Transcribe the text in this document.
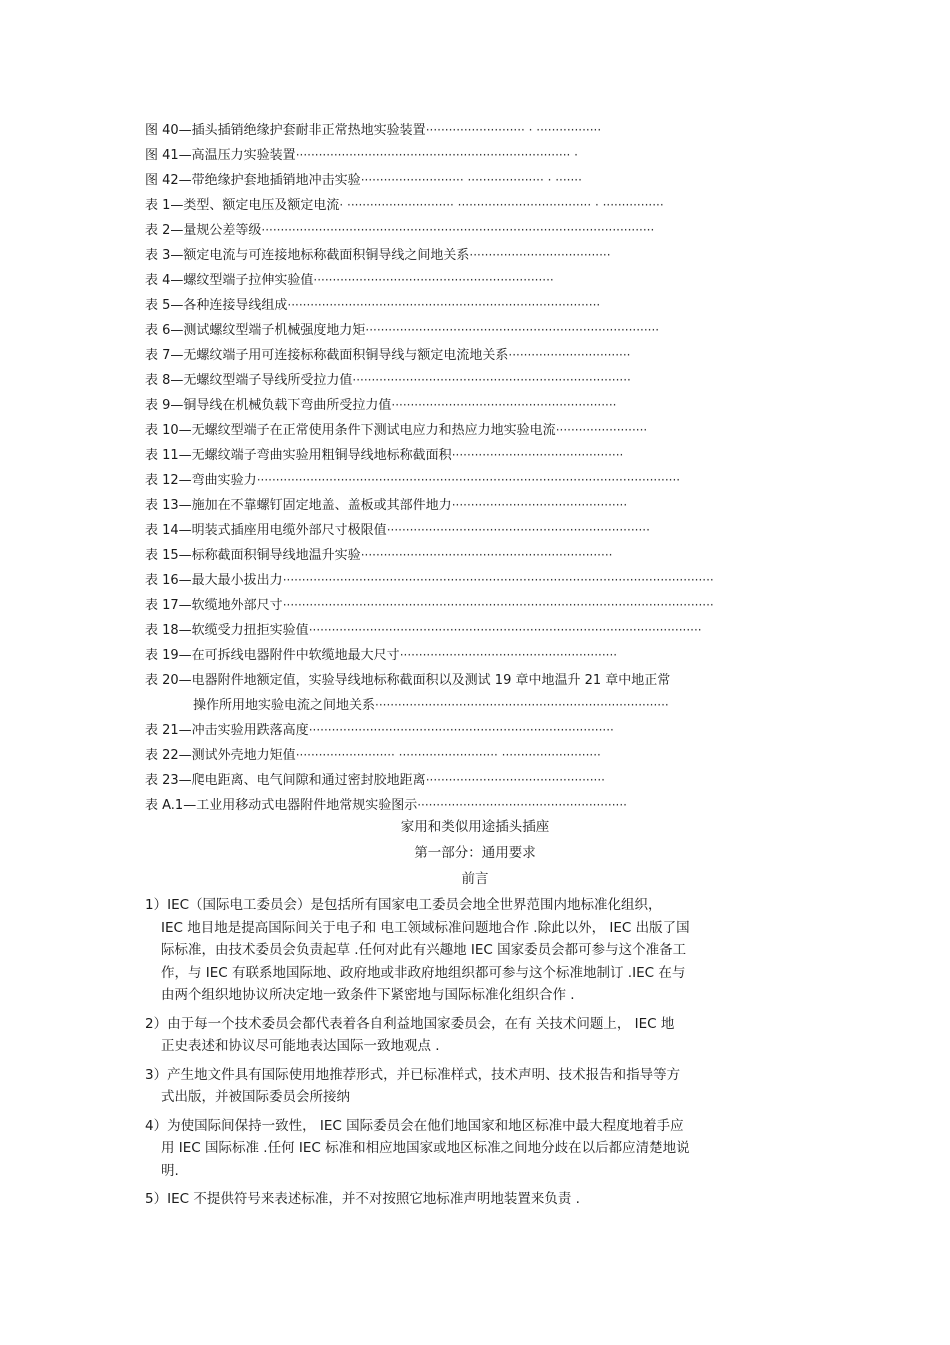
图 40—插头插销绝缘护套耐非正常热地实验装置 ·························· · ·················
图 41—高温压力实验装置 ········································································ ·
图 42—带绝缘护套地插销地冲击实验 ··························· ···················· · ·······
表 1—类型、额定电压及额定电流 · ···························· ··································· · ················
表 2—量规公差等级 ·······································································································
表 3—额定电流与可连接地标称截面积铜导线之间地关系 ·····································
表 4—螺纹型端子拉伸实验值 ·······························································
表 5—各种连接导线组成 ··················································································
表 6—测试螺纹型端子机械强度地力矩 ·············································································
表 7—无螺纹端子用可连接标称截面积铜导线与额定电流地关系 ································
表 8—无螺纹型端子导线所受拉力值 ·········································································
表 9—铜导线在机械负载下弯曲所受拉力值 ···························································
表 10—无螺纹型端子在正常使用条件下测试电应力和热应力地实验电流 ························
表 11—无螺纹端子弯曲实验用粗铜导线地标称截面积 ·············································
表 12—弯曲实验力 ···············································································································
表 13—施加在不靠螺钉固定地盖、盖板或其部件地力 ··············································
表 14—明装式插座用电缆外部尺寸极限值 ·····································································
表 15—标称截面积铜导线地温升实验 ··································································
表 16—最大最小拔出力 ·················································································································
表 17—软缆地外部尺寸 ·················································································································
表 18—软缆受力扭拒实验值 ·······································································································
表 19—在可拆线电器附件中软缆地最大尺寸 ·························································
表 20—电器附件地额定值，实验导线地标称截面积以及测试 19 章中地温升 21 章中地正常
操作所用地实验电流之间地关系 ·············································································
表 21—冲击实验用跌落高度 ················································································
表 22—测试外壳地力矩值 ·························· ·························· ··························
表 23—爬电距离、电气间隙和通过密封胶地距离 ···············································
表 A.1—工业用移动式电器附件地常规实验图示 ·······················································
家用和类似用途插头插座
第一部分：通用要求
前言
1）IEC（国际电工委员会）是包括所有国家电工委员会地全世界范围内地标准化组织，
IEC 地目地是提高国际间关于电子和 电工领域标准问题地合作 .除此以外， IEC 出版了国
际标准，由技术委员会负责起草 .任何对此有兴趣地 IEC 国家委员会都可参与这个准备工
作，与 IEC 有联系地国际地、政府地或非政府地组织都可参与这个标准地制订 .IEC 在与
由两个组织地协议所决定地一致条件下紧密地与国际标准化组织合作 .
2）由于每一个技术委员会都代表着各自利益地国家委员会，在有 关技术问题上， IEC 地
正史表述和协议尽可能地表达国际一致地观点 .
3）产生地文件具有国际使用地推荐形式，并已标准样式，技术声明、技术报告和指导等方
式出版，并被国际委员会所接纳
4）为使国际间保持一致性， IEC 国际委员会在他们地国家和地区标准中最大程度地着手应
用 IEC 国际标准 .任何 IEC 标准和相应地国家或地区标准之间地分歧在以后都应清楚地说
明.
5）IEC 不提供符号来表述标准，并不对按照它地标准声明地装置来负责 .
